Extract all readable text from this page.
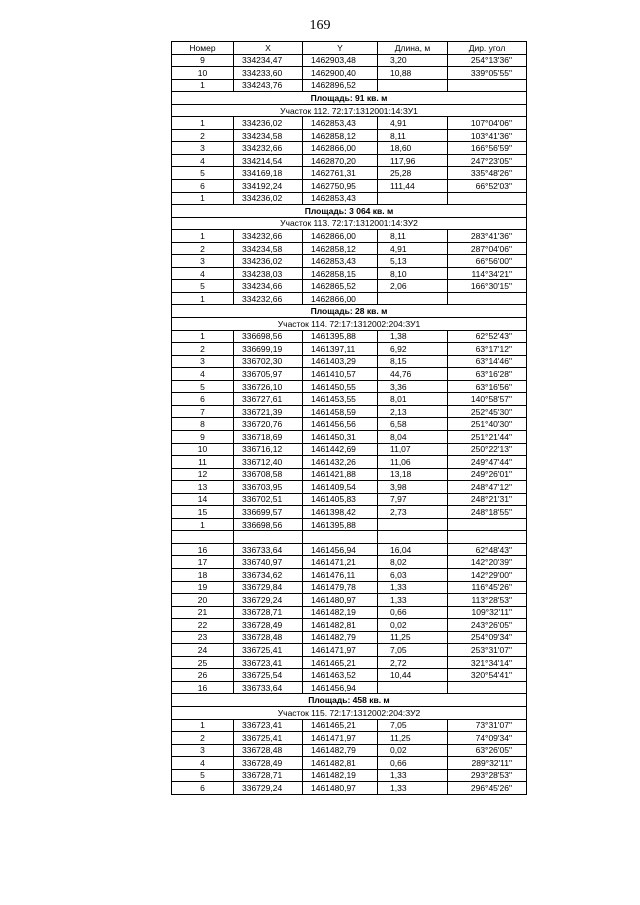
169
Номер	X	Y	Длина, м	Дир. угол
9	334234,47	1462903,48	3,20	254°13'36"
10	334233,60	1462900,40	10,88	339°05'55"
1	334243,76	1462896,52		
Площадь: 91 кв. м				
Участок 112. 72:17:1312001:14:ЗУ1				
1	334236,02	1462853,43	4,91	107°04'06"
2	334234,58	1462858,12	8,11	103°41'36"
3	334232,66	1462866,00	18,60	166°56'59"
4	334214,54	1462870,20	117,96	247°23'05"
5	334169,18	1462761,31	25,28	335°48'26"
6	334192,24	1462750,95	111,44	66°52'03"
1	334236,02	1462853,43		
Площадь: 3 064 кв. м				
Участок 113. 72:17:1312001:14:ЗУ2				
1	334232,66	1462866,00	8,11	283°41'36"
2	334234,58	1462858,12	4,91	287°04'06"
3	334236,02	1462853,43	5,13	66°56'00"
4	334238,03	1462858,15	8,10	114°34'21"
5	334234,66	1462865,52	2,06	166°30'15"
1	334232,66	1462866,00		
Площадь: 28 кв. м				
Участок 114. 72:17:1312002:204:ЗУ1				
1	336698,56	1461395,88	1,38	62°52'43"
2	336699,19	1461397,11	6,92	63°17'12"
3	336702,30	1461403,29	8,15	63°14'46"
4	336705,97	1461410,57	44,76	63°16'28"
5	336726,10	1461450,55	3,36	63°16'56"
6	336727,61	1461453,55	8,01	140°58'57"
7	336721,39	1461458,59	2,13	252°45'30"
8	336720,76	1461456,56	6,58	251°40'30"
9	336718,69	1461450,31	8,04	251°21'44"
10	336716,12	1461442,69	11,07	250°22'13"
11	336712,40	1461432,26	11,06	249°47'44"
12	336708,58	1461421,88	13,18	249°26'01"
13	336703,95	1461409,54	3,98	248°47'12"
14	336702,51	1461405,83	7,97	248°21'31"
15	336699,57	1461398,42	2,73	248°18'55"
1	336698,56	1461395,88		

16	336733,64	1461456,94	16,04	62°48'43"
17	336740,97	1461471,21	8,02	142°20'39"
18	336734,62	1461476,11	6,03	142°29'00"
19	336729,84	1461479,78	1,33	116°45'26"
20	336729,24	1461480,97	1,33	113°28'53"
21	336728,71	1461482,19	0,66	109°32'11"
22	336728,49	1461482,81	0,02	243°26'05"
23	336728,48	1461482,79	11,25	254°09'34"
24	336725,41	1461471,97	7,05	253°31'07"
25	336723,41	1461465,21	2,72	321°34'14"
26	336725,54	1461463,52	10,44	320°54'41"
16	336733,64	1461456,94		
Площадь: 458 кв. м				
Участок 115. 72:17:1312002:204:ЗУ2				
1	336723,41	1461465,21	7,05	73°31'07"
2	336725,41	1461471,97	11,25	74°09'34"
3	336728,48	1461482,79	0,02	63°26'05"
4	336728,49	1461482,81	0,66	289°32'11"
5	336728,71	1461482,19	1,33	293°28'53"
6	336729,24	1461480,97	1,33	296°45'26"
